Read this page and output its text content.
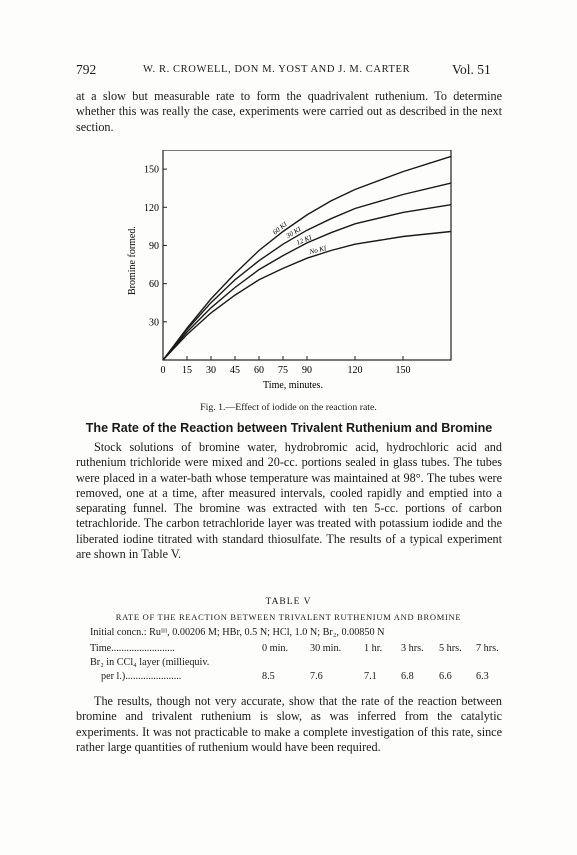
792	W. R. CROWELL, DON M. YOST AND J. M. CARTER	Vol. 51
at a slow but measurable rate to form the quadrivalent ruthenium. To determine whether this was really the case, experiments were carried out as described in the next section.
30
60
90
120
150
0 15 30 45 60 75 90	120	150
60 KI
30 KI
12 KI
No KI
Bromine formed.
Time, minutes.
Fig. 1.—Effect of iodide on the reaction rate.
The Rate of the Reaction between Trivalent Ruthenium and Bromine
Stock solutions of bromine water, hydrobromic acid, hydrochloric acid and ruthenium trichloride were mixed and 20-cc. portions sealed in glass tubes. The tubes were placed in a water-bath whose temperature was maintained at 98°. The tubes were removed, one at a time, after measured intervals, cooled rapidly and emptied into a separating funnel. The bromine was extracted with ten 5-cc. portions of carbon tetrachloride. The carbon tetrachloride layer was treated with potassium iodide and the liberated iodine titrated with standard thiosulfate. The results of a typical experiment are shown in Table V.
TABLE V
RATE OF THE REACTION BETWEEN TRIVALENT RUTHENIUM AND BROMINE
Initial concn.: Ruᴵᴵᴵ, 0.00206 M; HBr, 0.5 N; HCl, 1.0 N; Br₂, 0.00850 N
Time.........................	0 min. 30 min. 1 hr. 3 hrs. 5 hrs. 7 hrs.
Br₂ in CCl₄ layer (milliequiv.
per l.)......................	8.5	7.6	7.1 6.8 6.6 6.3
The results, though not very accurate, show that the rate of the reaction between bromine and trivalent ruthenium is slow, as was inferred from the catalytic experiments. It was not practicable to make a complete investigation of this rate, since rather large quantities of ruthenium would have been required.
